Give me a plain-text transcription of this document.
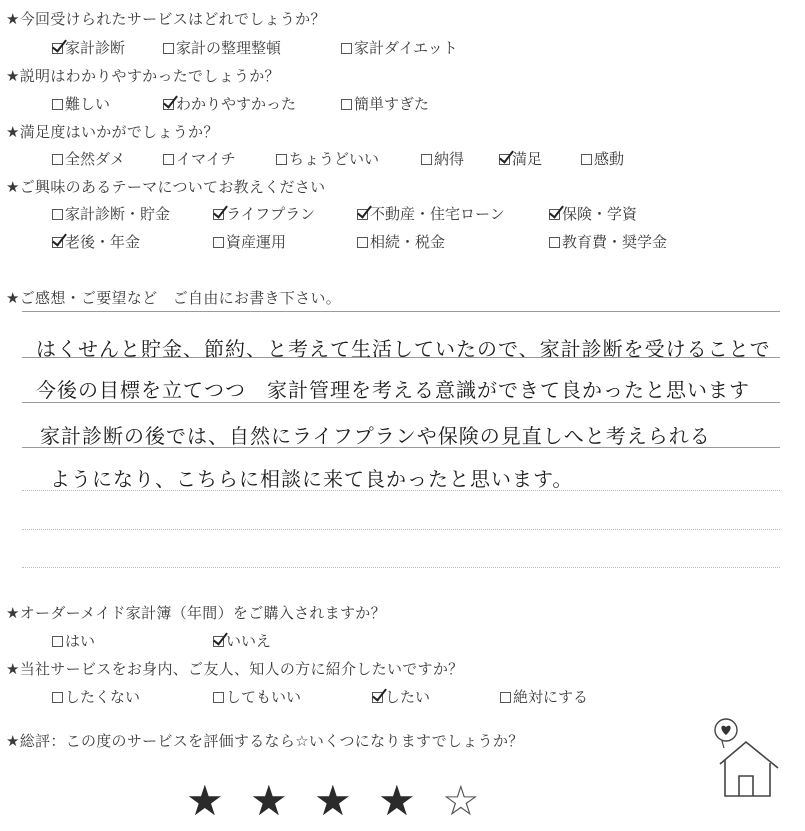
★今回受けられたサービスはどれでしょうか？
家計診断	家計の整理整頓	家計ダイエット
★説明はわかりやすかったでしょうか？
難しい	わかりやすかった	簡単すぎた
★満足度はいかがでしょうか？
全然ダメ	イマイチ	ちょうどいい	納得	満足	感動
★ご興味のあるテーマについてお教えください
家計診断・貯金	ライフプラン	不動産・住宅ローン	保険・学資
老後・年金	資産運用	相続・税金	教育費・奨学金
★ご感想・ご要望など　ご自由にお書き下さい。
はくせんと貯金、節約、と考えて生活していたので、家計診断を受けることで
今後の目標を立てつつ　家計管理を考える意識ができて良かったと思います
家計診断の後では、自然にライフプランや保険の見直しへと考えられる
ようになり、こちらに相談に来て良かったと思います。
★オーダーメイド家計簿（年間）をご購入されますか？
はい	いいえ
★当社サービスをお身内、ご友人、知人の方に紹介したいですか？
したくない	してもいい	したい	絶対にする
★総評：この度のサービスを評価するなら☆いくつになりますでしょうか？
★ ★ ★ ★ ☆
